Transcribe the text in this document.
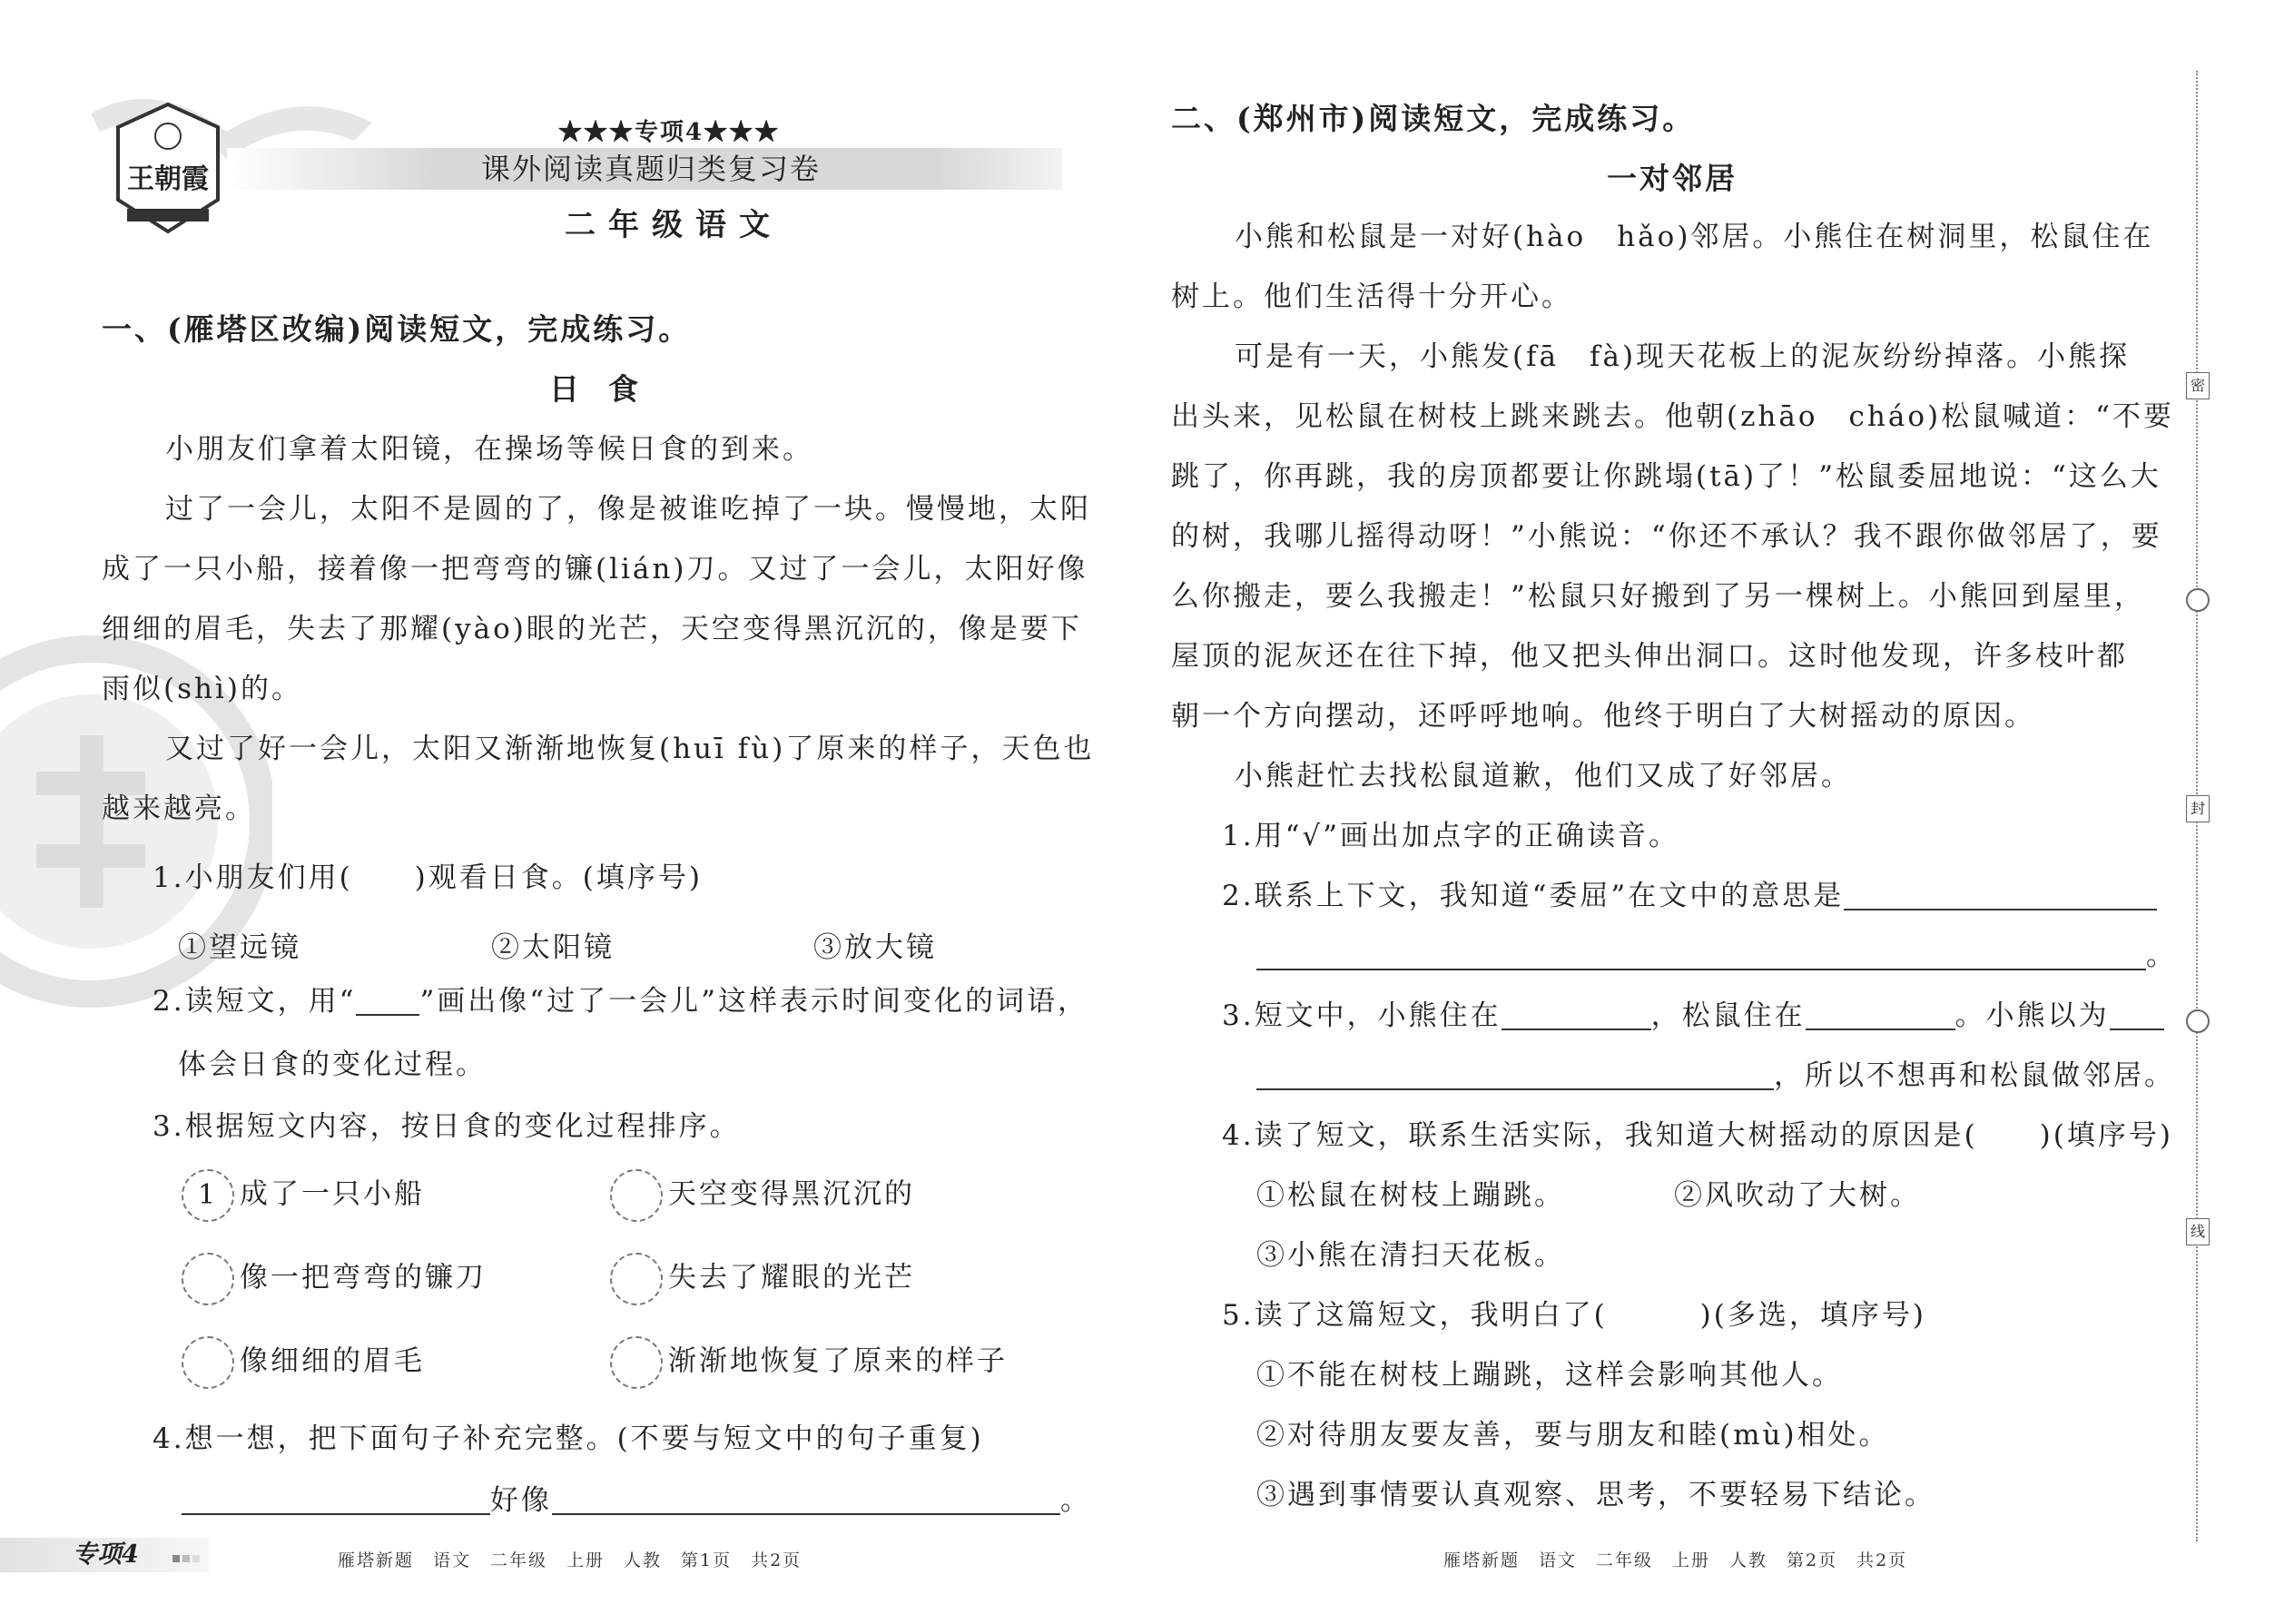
王朝霞
★★★专项4★★★
课外阅读真题归类复习卷
二年级语文
一、(雁塔区改编)阅读短文，完成练习。
日  食
小朋友们拿着太阳镜，在操场等候日食的到来。
过了一会儿，太阳不是圆的了，像是被谁吃掉了一块。慢慢地，太阳
成了一只小船，接着像一把弯弯的镰(lián)刀。又过了一会儿，太阳好像
细细的眉毛，失去了那耀(yào)眼的光芒，天空变得黑沉沉的，像是要下
雨似(shì)的。
又过了好一会儿，太阳又渐渐地恢复(huī fù)了原来的样子，天色也
越来越亮。
1.小朋友们用(　　)观看日食。(填序号)
①望远镜	②太阳镜	③放大镜
2.读短文，用“ ”画出像“过了一会儿”这样表示时间变化的词语，
体会日食的变化过程。
3.根据短文内容，按日食的变化过程排序。
1 成了一只小船	天空变得黑沉沉的
像一把弯弯的镰刀	失去了耀眼的光芒
像细细的眉毛	渐渐地恢复了原来的样子
4.想一想，把下面句子补充完整。(不要与短文中的句子重复)
好像	。
二、(郑州市)阅读短文，完成练习。
一对邻居
小熊和松鼠是一对好(hào　hǎo)邻居。小熊住在树洞里，松鼠住在
树上。他们生活得十分开心。
可是有一天，小熊发(fā　fà)现天花板上的泥灰纷纷掉落。小熊探
出头来，见松鼠在树枝上跳来跳去。他朝(zhāo　cháo)松鼠喊道：“不要
跳了，你再跳，我的房顶都要让你跳塌(tā)了！”松鼠委屈地说：“这么大
的树，我哪儿摇得动呀！”小熊说：“你还不承认？我不跟你做邻居了，要
么你搬走，要么我搬走！”松鼠只好搬到了另一棵树上。小熊回到屋里，
屋顶的泥灰还在往下掉，他又把头伸出洞口。这时他发现，许多枝叶都
朝一个方向摆动，还呼呼地响。他终于明白了大树摇动的原因。
小熊赶忙去找松鼠道歉，他们又成了好邻居。
1.用“√”画出加点字的正确读音。
2.联系上下文，我知道“委屈”在文中的意思是
。
3.短文中，小熊住在	，松鼠住在	。小熊以为
，所以不想再和松鼠做邻居。
4.读了短文，联系生活实际，我知道大树摇动的原因是(　　)(填序号)
①松鼠在树枝上蹦跳。	②风吹动了大树。
③小熊在清扫天花板。
5.读了这篇短文，我明白了(　　　)(多选，填序号)
①不能在树枝上蹦跳，这样会影响其他人。
②对待朋友要友善，要与朋友和睦(mù)相处。
③遇到事情要认真观察、思考，不要轻易下结论。
密
封
线
专项4	雁塔新题　语文　二年级　上册　人教　第1页　共2页	雁塔新题　语文　二年级　上册　人教　第2页　共2页
